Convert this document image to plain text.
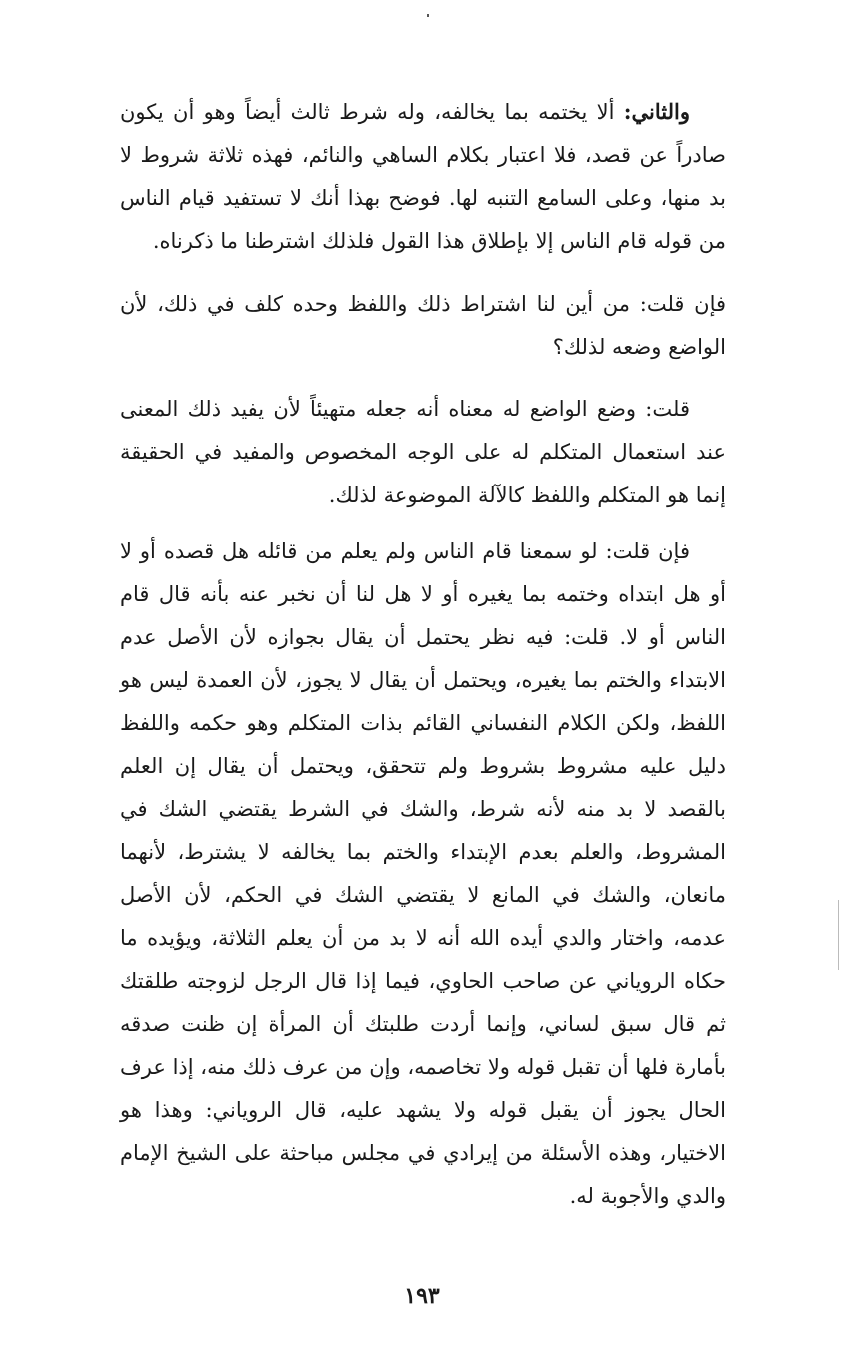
والثاني: ألا يختمه بما يخالفه، وله شرط ثالث أيضاً وهو أن يكون صادراً عن قصد، فلا اعتبار بكلام الساهي والنائم، فهذه ثلاثة شروط لا بد منها، وعلى السامع التنبه لها. فوضح بهذا أنك لا تستفيد قيام الناس من قوله قام الناس إلا بإطلاق هذا القول فلذلك اشترطنا ما ذكرناه.

فإن قلت: من أين لنا اشتراط ذلك واللفظ وحده كلف في ذلك، لأن الواضع وضعه لذلك؟

قلت: وضع الواضع له معناه أنه جعله متهيئاً لأن يفيد ذلك المعنى عند استعمال المتكلم له على الوجه المخصوص والمفيد في الحقيقة إنما هو المتكلم واللفظ كالآلة الموضوعة لذلك.

فإن قلت: لو سمعنا قام الناس ولم يعلم من قائله هل قصده أو لا أو هل ابتداه وختمه بما يغيره أو لا هل لنا أن نخبر عنه بأنه قال قام الناس أو لا. قلت: فيه نظر يحتمل أن يقال بجوازه لأن الأصل عدم الابتداء والختم بما يغيره، ويحتمل أن يقال لا يجوز، لأن العمدة ليس هو اللفظ، ولكن الكلام النفساني القائم بذات المتكلم وهو حكمه واللفظ دليل عليه مشروط بشروط ولم تتحقق، ويحتمل أن يقال إن العلم بالقصد لا بد منه لأنه شرط، والشك في الشرط يقتضي الشك في المشروط، والعلم بعدم الإبتداء والختم بما يخالفه لا يشترط، لأنهما مانعان، والشك في المانع لا يقتضي الشك في الحكم، لأن الأصل عدمه، واختار والدي أيده الله أنه لا بد من أن يعلم الثلاثة، ويؤيده ما حكاه الروياني عن صاحب الحاوي، فيما إذا قال الرجل لزوجته طلقتك ثم قال سبق لساني، وإنما أردت طلبتك أن المرأة إن ظنت صدقه بأمارة فلها أن تقبل قوله ولا تخاصمه، وإن من عرف ذلك منه، إذا عرف الحال يجوز أن يقبل قوله ولا يشهد عليه، قال الروياني: وهذا هو الاختيار، وهذه الأسئلة من إيرادي في مجلس مباحثة على الشيخ الإمام والدي والأجوبة له.

١٩٣
